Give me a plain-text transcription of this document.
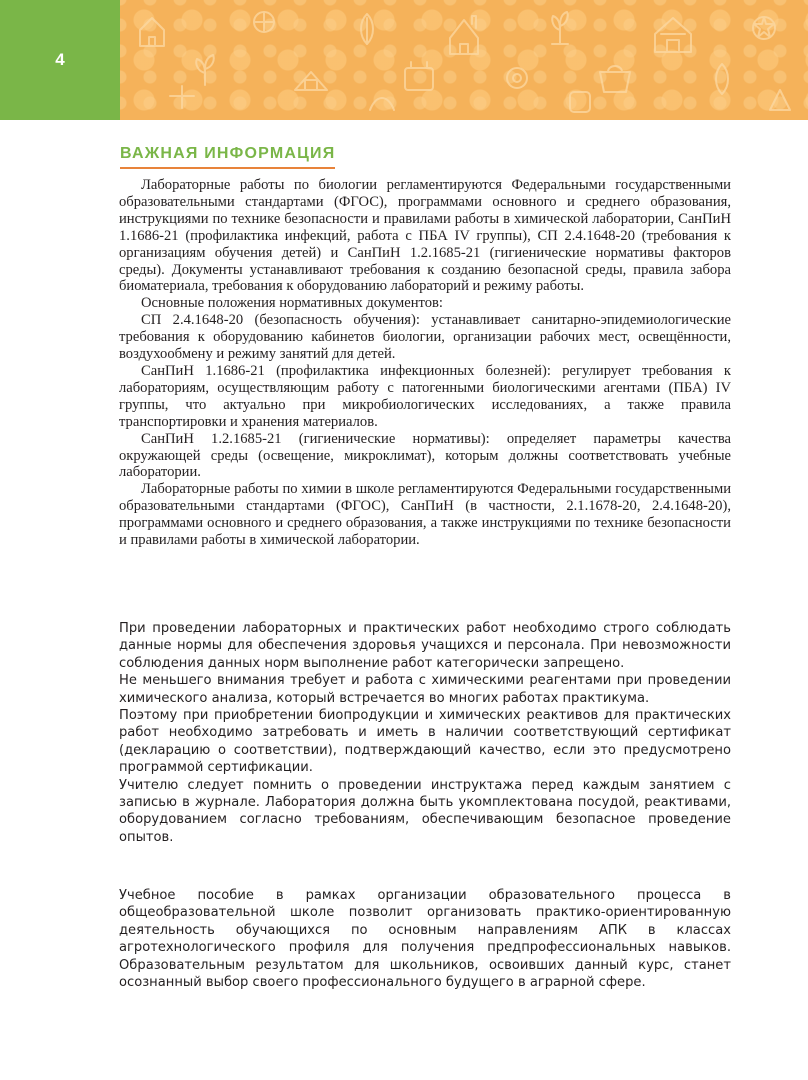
4
ВАЖНАЯ ИНФОРМАЦИЯ

Лабораторные работы по биологии регламентируются Федеральными государственными образовательными стандартами (ФГОС), программами основного и среднего образования, инструкциями по технике безопасности и правилами работы в химической лаборатории, СанПиН 1.1686-21 (профилактика инфекций, работа с ПБА IV группы), СП 2.4.1648-20 (требования к организациям обучения детей) и СанПиН 1.2.1685-21 (гигиенические нормативы факторов среды). Документы устанавливают требования к созданию безопасной среды, правила забора биоматериала, требования к оборудованию лабораторий и режиму работы.

Основные положения нормативных документов:

СП 2.4.1648-20 (безопасность обучения): устанавливает санитарно-эпидемиологические требования к оборудованию кабинетов биологии, организации рабочих мест, освещённости, воздухообмену и режиму занятий для детей.

СанПиН 1.1686-21 (профилактика инфекционных болезней): регулирует требования к лабораториям, осуществляющим работу с патогенными биологическими агентами (ПБА) IV группы, что актуально при микробиологических исследованиях, а также правила транспортировки и хранения материалов.

СанПиН 1.2.1685-21 (гигиенические нормативы): определяет параметры качества окружающей среды (освещение, микроклимат), которым должны соответствовать учебные лаборатории.

Лабораторные работы по химии в школе регламентируются Федеральными государственными образовательными стандартами (ФГОС), СанПиН (в частности, 2.1.1678-20, 2.4.1648-20), программами основного и среднего образования, а также инструкциями по технике безопасности и правилами работы в химической лаборатории.

При проведении лабораторных и практических работ необходимо строго соблюдать данные нормы для обеспечения здоровья учащихся и персонала. При невозможности соблюдения данных норм выполнение работ категорически запрещено.

Не меньшего внимания требует и работа с химическими реагентами при проведении химического анализа, который встречается во многих работах практикума.

Поэтому при приобретении биопродукции и химических реактивов для практических работ необходимо затребовать и иметь в наличии соответствующий сертификат (декларацию о соответствии), подтверждающий качество, если это предусмотрено программой сертификации.

Учителю следует помнить о проведении инструктажа перед каждым занятием с записью в журнале. Лаборатория должна быть укомплектована посудой, реактивами, оборудованием согласно требованиям, обеспечивающим безопасное проведение опытов.

Учебное пособие в рамках организации образовательного процесса в общеобразовательной школе позволит организовать практико-ориентированную деятельность обучающихся по основным направлениям АПК в классах агротехнологического профиля для получения предпрофессиональных навыков. Образовательным результатом для школьников, освоивших данный курс, станет осознанный выбор своего профессионального будущего в аграрной сфере.
